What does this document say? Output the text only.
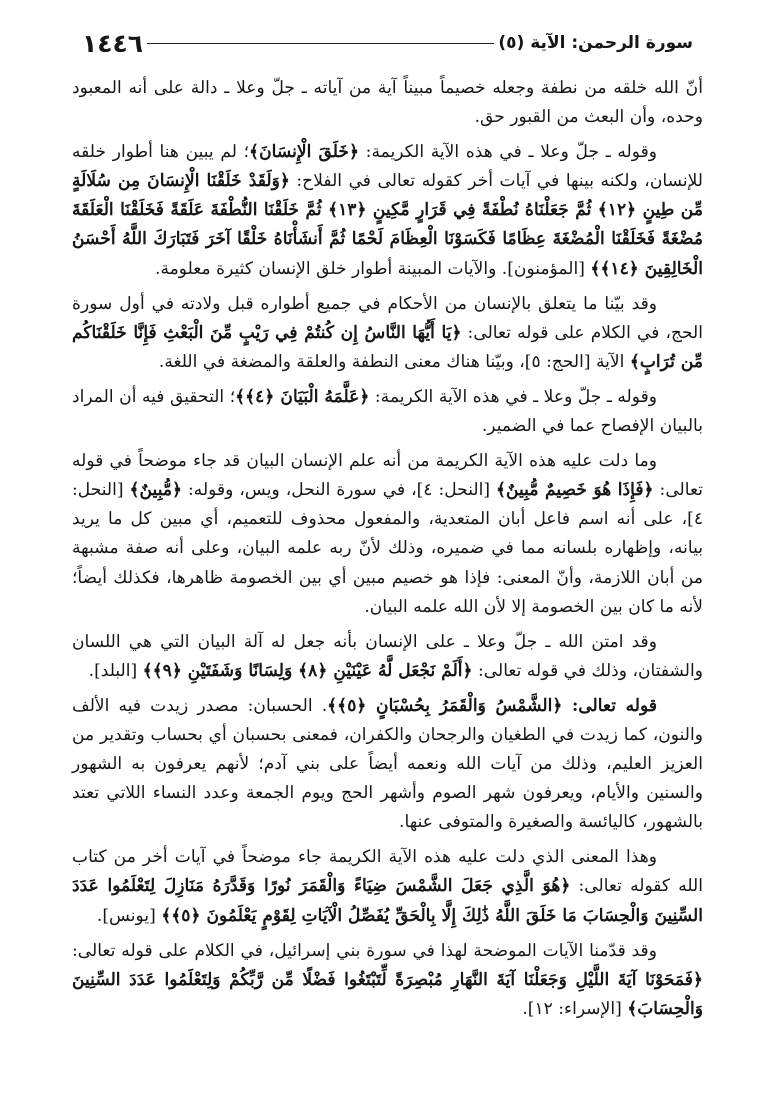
سورة الرحمن: الآية (٥)
١٤٤٦

أنّ الله خلقه من نطفة وجعله خصيماً مبيناً آية من آياته ـ جلّ وعلا ـ دالة على أنه المعبود وحده، وأن البعث من القبور حق.

وقوله ـ جلّ وعلا ـ في هذه الآية الكريمة: ﴿خَلَقَ الْإِنسَانَ﴾؛ لم يبين هنا أطوار خلقه للإنسان، ولكنه بينها في آيات أخر كقوله تعالى في الفلاح: ﴿وَلَقَدْ خَلَقْنَا الْإِنسَانَ مِن سُلَالَةٍ مِّن طِينٍ ﴿١٢﴾ ثُمَّ جَعَلْنَاهُ نُطْفَةً فِي قَرَارٍ مَّكِينٍ ﴿١٣﴾ ثُمَّ خَلَقْنَا النُّطْفَةَ عَلَقَةً فَخَلَقْنَا الْعَلَقَةَ مُضْغَةً فَخَلَقْنَا الْمُضْغَةَ عِظَامًا فَكَسَوْنَا الْعِظَامَ لَحْمًا ثُمَّ أَنشَأْنَاهُ خَلْقًا آخَرَ فَتَبَارَكَ اللَّهُ أَحْسَنُ الْخَالِقِينَ ﴿١٤﴾﴾ [المؤمنون]. والآيات المبينة أطوار خلق الإنسان كثيرة معلومة.

وقد بيّنا ما يتعلق بالإنسان من الأحكام في جميع أطواره قبل ولادته في أول سورة الحج، في الكلام على قوله تعالى: ﴿يَا أَيُّهَا النَّاسُ إِن كُنتُمْ فِي رَيْبٍ مِّنَ الْبَعْثِ فَإِنَّا خَلَقْنَاكُم مِّن تُرَابٍ﴾ الآية [الحج: ٥]، وبيّنا هناك معنى النطفة والعلقة والمضغة في اللغة.

وقوله ـ جلّ وعلا ـ في هذه الآية الكريمة: ﴿عَلَّمَهُ الْبَيَانَ ﴿٤﴾﴾؛ التحقيق فيه أن المراد بالبيان الإفصاح عما في الضمير.

وما دلت عليه هذه الآية الكريمة من أنه علم الإنسان البيان قد جاء موضحاً في قوله تعالى: ﴿فَإِذَا هُوَ خَصِيمٌ مُّبِينٌ﴾ [النحل: ٤]، في سورة النحل، ويس، وقوله: ﴿مُّبِينٌ﴾ [النحل: ٤]، على أنه اسم فاعل أبان المتعدية، والمفعول محذوف للتعميم، أي مبين كل ما يريد بيانه، وإظهاره بلسانه مما في ضميره، وذلك لأنّ ربه علمه البيان، وعلى أنه صفة مشبهة من أبان اللازمة، وأنّ المعنى: فإذا هو خصيم مبين أي بين الخصومة ظاهرها، فكذلك أيضاً؛ لأنه ما كان بين الخصومة إلا لأن الله علمه البيان.

وقد امتن الله ـ جلّ وعلا ـ على الإنسان بأنه جعل له آلة البيان التي هي اللسان والشفتان، وذلك في قوله تعالى: ﴿أَلَمْ نَجْعَل لَّهُ عَيْنَيْنِ ﴿٨﴾ وَلِسَانًا وَشَفَتَيْنِ ﴿٩﴾﴾ [البلد].

قوله تعالى: ﴿الشَّمْسُ وَالْقَمَرُ بِحُسْبَانٍ ﴿٥﴾﴾. الحسبان: مصدر زيدت فيه الألف والنون، كما زيدت في الطغيان والرجحان والكفران، فمعنى بحسبان أي بحساب وتقدير من العزيز العليم، وذلك من آيات الله ونعمه أيضاً على بني آدم؛ لأنهم يعرفون به الشهور والسنين والأيام، ويعرفون شهر الصوم وأشهر الحج ويوم الجمعة وعدد النساء اللاتي تعتد بالشهور، كاليائسة والصغيرة والمتوفى عنها.

وهذا المعنى الذي دلت عليه هذه الآية الكريمة جاء موضحاً في آيات أخر من كتاب الله كقوله تعالى: ﴿هُوَ الَّذِي جَعَلَ الشَّمْسَ ضِيَاءً وَالْقَمَرَ نُورًا وَقَدَّرَهُ مَنَازِلَ لِتَعْلَمُوا عَدَدَ السِّنِينَ وَالْحِسَابَ مَا خَلَقَ اللَّهُ ذَٰلِكَ إِلَّا بِالْحَقِّ يُفَصِّلُ الْآيَاتِ لِقَوْمٍ يَعْلَمُونَ ﴿٥﴾﴾ [يونس].

وقد قدّمنا الآيات الموضحة لهذا في سورة بني إسرائيل، في الكلام على قوله تعالى: ﴿فَمَحَوْنَا آيَةَ اللَّيْلِ وَجَعَلْنَا آيَةَ النَّهَارِ مُبْصِرَةً لِّتَبْتَغُوا فَضْلًا مِّن رَّبِّكُمْ وَلِتَعْلَمُوا عَدَدَ السِّنِينَ وَالْحِسَابَ﴾ [الإسراء: ١٢].
